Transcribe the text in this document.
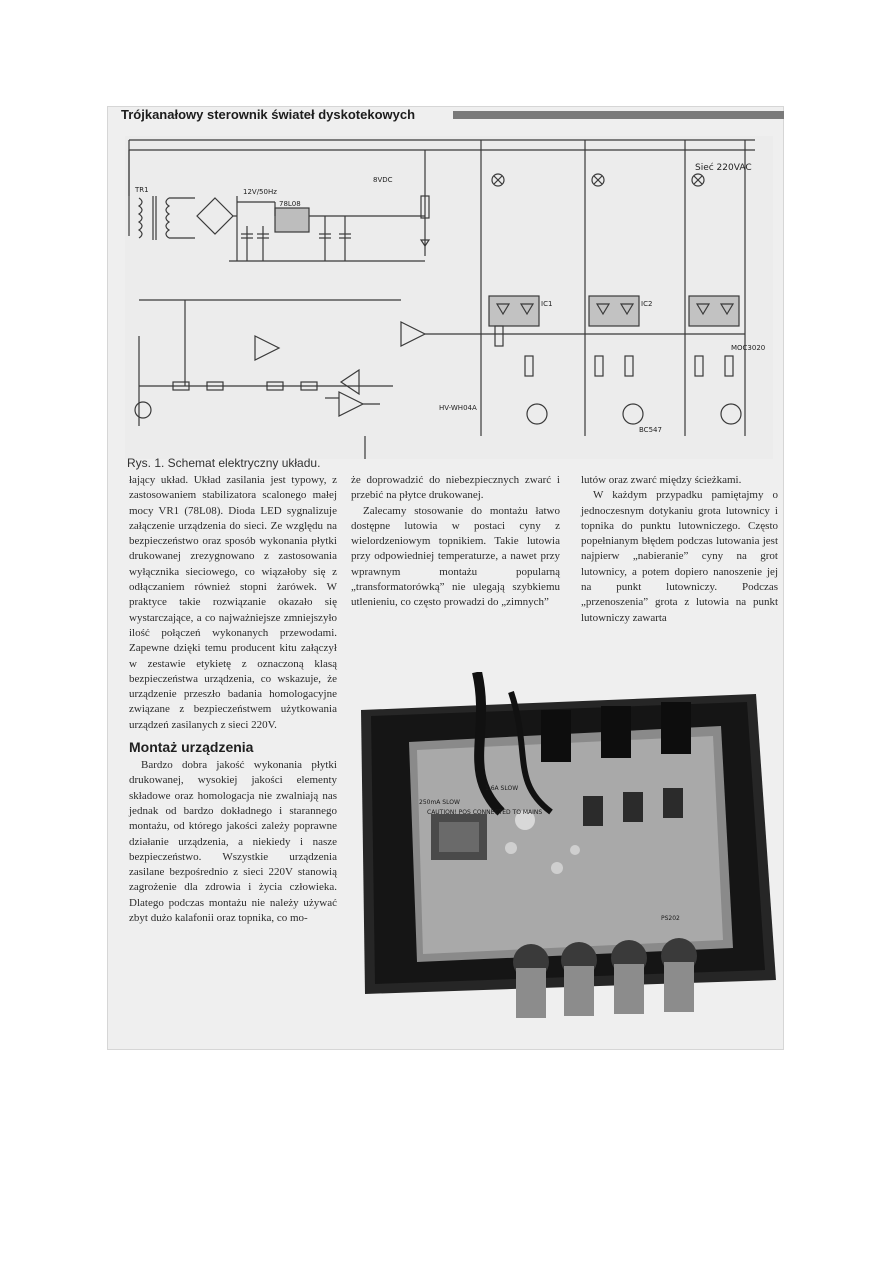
Trójkanałowy sterownik świateł dyskotekowych
Sieć 220VAC
12V/50Hz
8VDC
78L08
TR1
IC1	IC2
MOC3020
BC547
HV-WH04A
Rys. 1. Schemat elektryczny układu.

łający układ. Układ zasilania jest typowy, z zastosowaniem stabilizatora scalonego małej mocy VR1 (78L08). Dioda LED sygnalizuje załączenie urządzenia do sieci. Ze względu na bezpieczeństwo oraz sposób wykonania płytki drukowanej zrezygnowano z zastosowania wyłącznika sieciowego, co wiązałoby się z odłączaniem również stopni żarówek. W praktyce takie rozwiązanie okazało się wystarczające, a co najważniejsze zmniejszyło ilość połączeń wykonanych przewodami. Zapewne dzięki temu producent kitu załączył w zestawie etykietę z oznaczoną klasą bezpieczeństwa urządzenia, co wskazuje, że urządzenie przeszło badania homologacyjne związane z bezpieczeństwem użytkowania urządzeń zasilanych z sieci 220V.

Montaż urządzenia

Bardzo dobra jakość wykonania płytki drukowanej, wysokiej jakości elementy składowe oraz homologacja nie zwalniają nas jednak od bardzo dokładnego i starannego montażu, od którego jakości zależy poprawne działanie urządzenia, a niekiedy i nasze bezpieczeństwo. Wszystkie urządzenia zasilane bezpośrednio z sieci 220V stanowią zagrożenie dla zdrowia i życia człowieka. Dlatego podczas montażu nie należy używać zbyt dużo kalafonii oraz topnika, co mo-

że doprowadzić do niebezpiecznych zwarć i przebić na płytce drukowanej.

Zalecamy stosowanie do montażu łatwo dostępne lutowia w postaci cyny z wielordzeniowym topnikiem. Takie lutowia przy odpowiedniej temperaturze, a nawet przy wprawnym montażu popularną „transformatorówką” nie ulegają szybkiemu utlenieniu, co często prowadzi do „zimnych”

lutów oraz zwarć między ścieżkami.

W każdym przypadku pamiętajmy o jednoczesnym dotykaniu grota lutownicy i topnika do punktu lutowniczego. Często popełnianym błędem podczas lutowania jest najpierw „nabieranie” cyny na grot lutownicy, a potem dopiero nanoszenie jej na punkt lutowniczy. Podczas „przenoszenia” grota z lutowia na punkt lutowniczy zawarta

1,6A SLOW
250mA SLOW
CAUTION! POS CONNECTED TO MAINS
PS202
